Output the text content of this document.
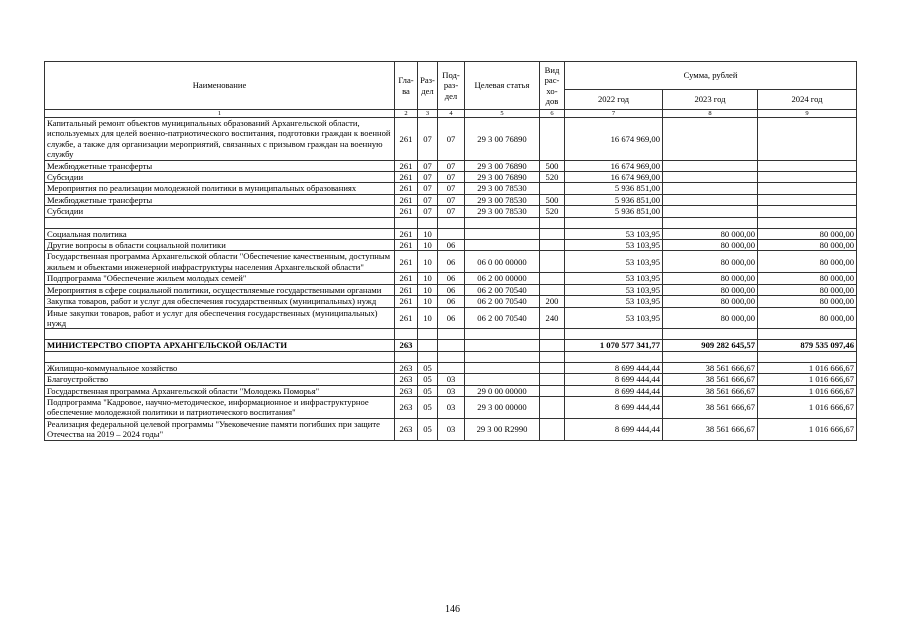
Наименование	Гла-ва	Раз-дел	Под-раз-дел	Целевая статья	Вид рас-хо-дов	Сумма, рублей		
						2022 год	2023 год	2024 год
1	2	3	4	5	6	7	8	9
Капитальный ремонт объектов муниципальных образований Архангельской области, используемых для целей военно-патриотического воспитания, подготовки граждан к военной службе, а также для организации мероприятий, связанных с призывом граждан на военную службу	261	07	07	29 3 00 76890		16 674 969,00		
Межбюджетные трансферты	261	07	07	29 3 00 76890	500	16 674 969,00		
Субсидии	261	07	07	29 3 00 76890	520	16 674 969,00		
Мероприятия по реализации молодежной политики в муниципальных образованиях	261	07	07	29 3 00 78530		5 936 851,00		
Межбюджетные трансферты	261	07	07	29 3 00 78530	500	5 936 851,00		
Субсидии	261	07	07	29 3 00 78530	520	5 936 851,00		

Социальная политика	261	10				53 103,95	80 000,00	80 000,00
Другие вопросы в области социальной политики	261	10	06			53 103,95	80 000,00	80 000,00
Государственная программа Архангельской области "Обеспечение качественным, доступным жильем и объектами инженерной инфраструктуры населения Архангельской области"	261	10	06	06 0 00 00000		53 103,95	80 000,00	80 000,00
Подпрограмма "Обеспечение жильем молодых семей"	261	10	06	06 2 00 00000		53 103,95	80 000,00	80 000,00
Мероприятия в сфере социальной политики, осуществляемые государственными органами	261	10	06	06 2 00 70540		53 103,95	80 000,00	80 000,00
Закупка товаров, работ и услуг для обеспечения государственных (муниципальных) нужд	261	10	06	06 2 00 70540	200	53 103,95	80 000,00	80 000,00
Иные закупки товаров, работ и услуг для обеспечения государственных (муниципальных) нужд	261	10	06	06 2 00 70540	240	53 103,95	80 000,00	80 000,00

МИНИСТЕРСТВО СПОРТА АРХАНГЕЛЬСКОЙ ОБЛАСТИ	263					1 070 577 341,77	909 282 645,57	879 535 097,46

Жилищно-коммунальное хозяйство	263	05				8 699 444,44	38 561 666,67	1 016 666,67
Благоустройство	263	05	03			8 699 444,44	38 561 666,67	1 016 666,67
Государственная программа Архангельской области "Молодежь Поморья"	263	05	03	29 0 00 00000		8 699 444,44	38 561 666,67	1 016 666,67
Подпрограмма "Кадровое, научно-методическое, информационное и инфраструктурное обеспечение молодежной политики и патриотического воспитания"	263	05	03	29 3 00 00000		8 699 444,44	38 561 666,67	1 016 666,67
Реализация федеральной целевой программы "Увековечение памяти погибших при защите Отечества на 2019 – 2024 годы"	263	05	03	29 3 00 R2990		8 699 444,44	38 561 666,67	1 016 666,67
146
